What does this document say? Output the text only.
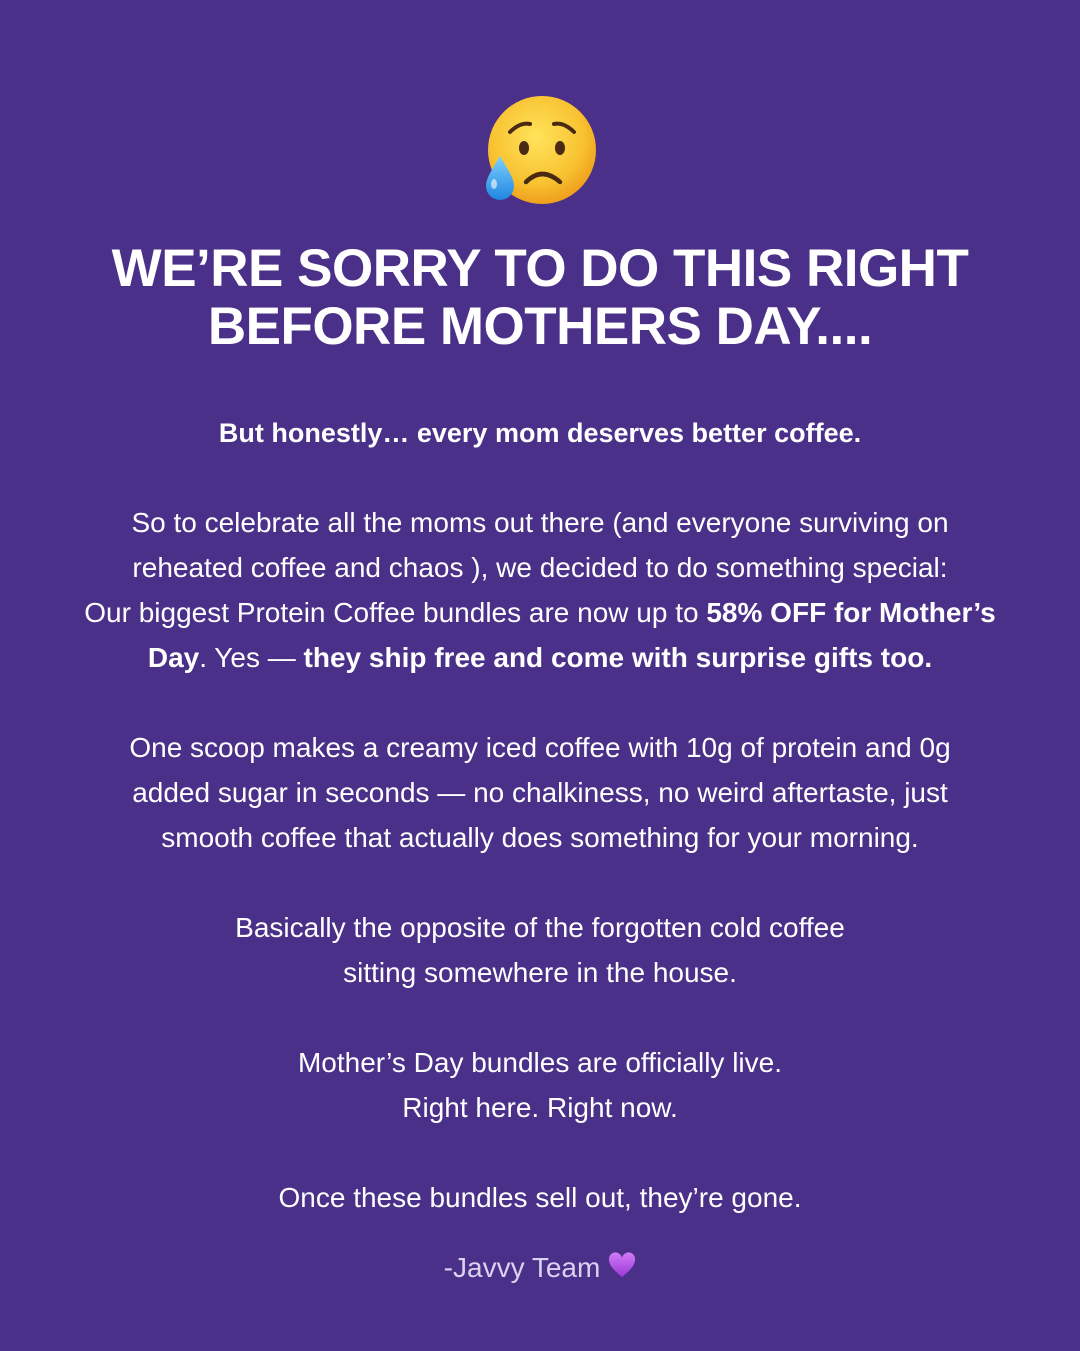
WE’RE SORRY TO DO THIS RIGHT
BEFORE MOTHERS DAY....

But honestly… every mom deserves better coffee.

So to celebrate all the moms out there (and everyone surviving on
reheated coffee and chaos ), we decided to do something special:
Our biggest Protein Coffee bundles are now up to 58% OFF for Mother’s
Day. Yes — they ship free and come with surprise gifts too.

One scoop makes a creamy iced coffee with 10g of protein and 0g
added sugar in seconds — no chalkiness, no weird aftertaste, just
smooth coffee that actually does something for your morning.

Basically the opposite of the forgotten cold coffee
sitting somewhere in the house.

Mother’s Day bundles are officially live.
Right here. Right now.

Once these bundles sell out, they’re gone.

-Javvy Team
